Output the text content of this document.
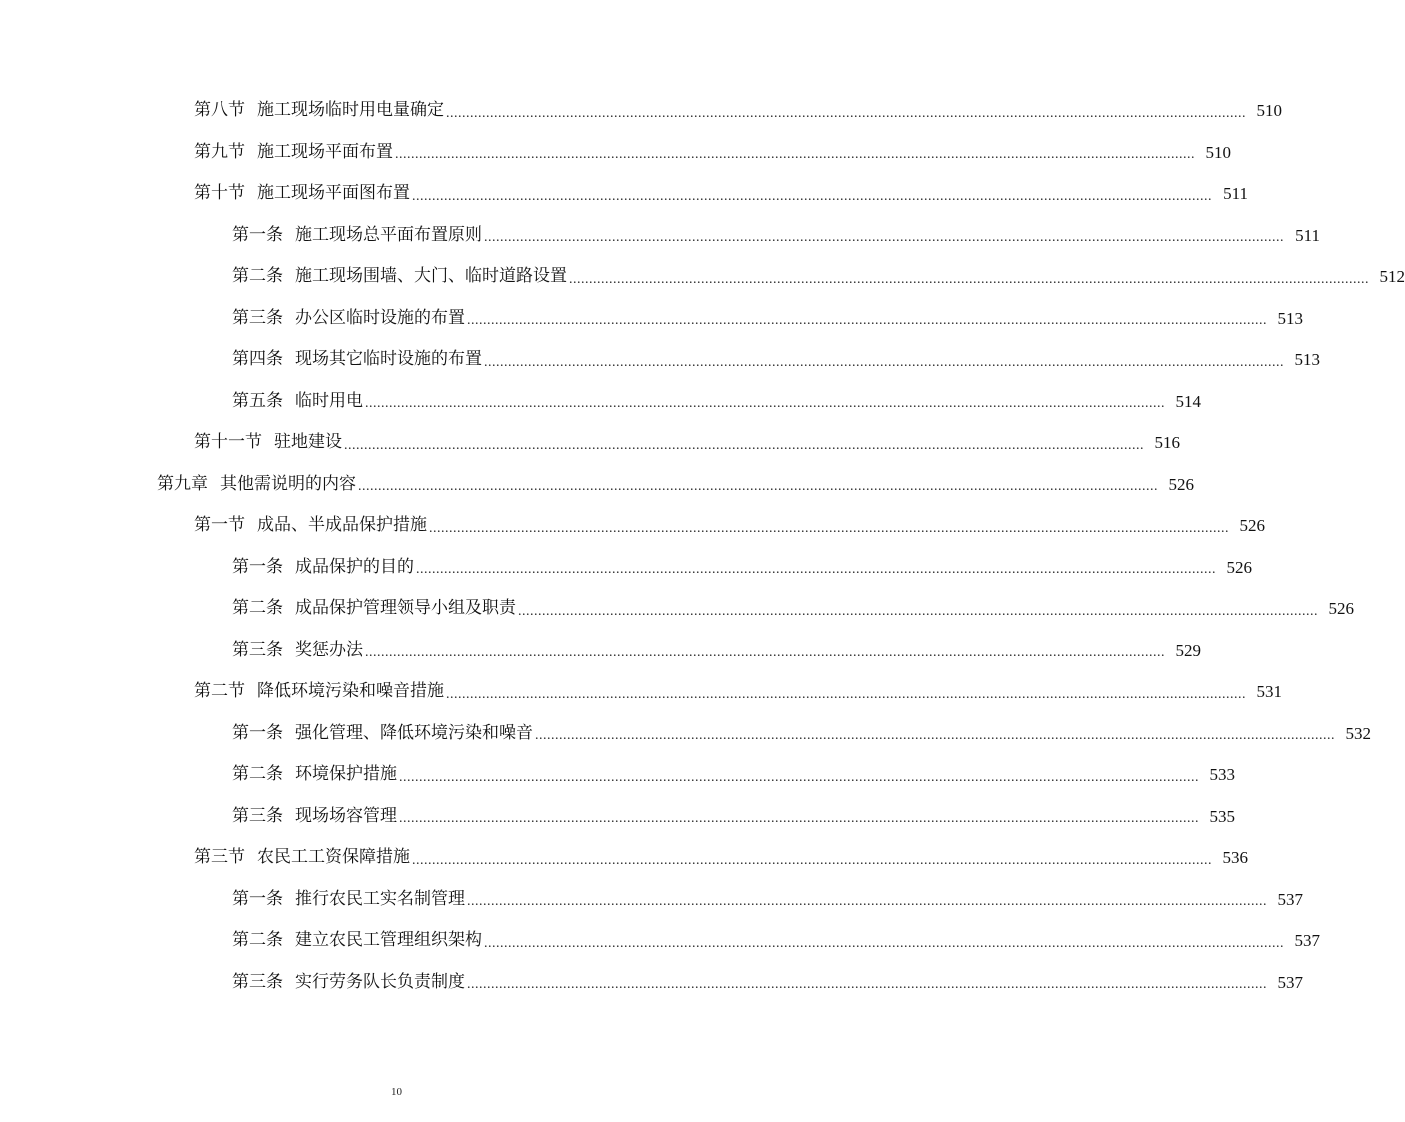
第八节 施工现场临时用电量确定 ........................................................................................................................................................................................................ 510
第九节 施工现场平面布置 ........................................................................................................................................................................................................ 510
第十节 施工现场平面图布置 ........................................................................................................................................................................................................ 511
第一条 施工现场总平面布置原则 ........................................................................................................................................................................................................ 511
第二条 施工现场围墙、大门、临时道路设置 ........................................................................................................................................................................................................ 512
第三条 办公区临时设施的布置 ........................................................................................................................................................................................................ 513
第四条 现场其它临时设施的布置 ........................................................................................................................................................................................................ 513
第五条 临时用电 ........................................................................................................................................................................................................ 514
第十一节 驻地建设 ........................................................................................................................................................................................................ 516
第九章 其他需说明的内容 ........................................................................................................................................................................................................ 526
第一节 成品、半成品保护措施 ........................................................................................................................................................................................................ 526
第一条 成品保护的目的 ........................................................................................................................................................................................................ 526
第二条 成品保护管理领导小组及职责 ........................................................................................................................................................................................................ 526
第三条 奖惩办法 ........................................................................................................................................................................................................ 529
第二节 降低环境污染和噪音措施 ........................................................................................................................................................................................................ 531
第一条 强化管理、降低环境污染和噪音 ........................................................................................................................................................................................................ 532
第二条 环境保护措施 ........................................................................................................................................................................................................ 533
第三条 现场场容管理 ........................................................................................................................................................................................................ 535
第三节 农民工工资保障措施 ........................................................................................................................................................................................................ 536
第一条 推行农民工实名制管理 ........................................................................................................................................................................................................ 537
第二条 建立农民工管理组织架构 ........................................................................................................................................................................................................ 537
第三条 实行劳务队长负责制度 ........................................................................................................................................................................................................ 537
10
